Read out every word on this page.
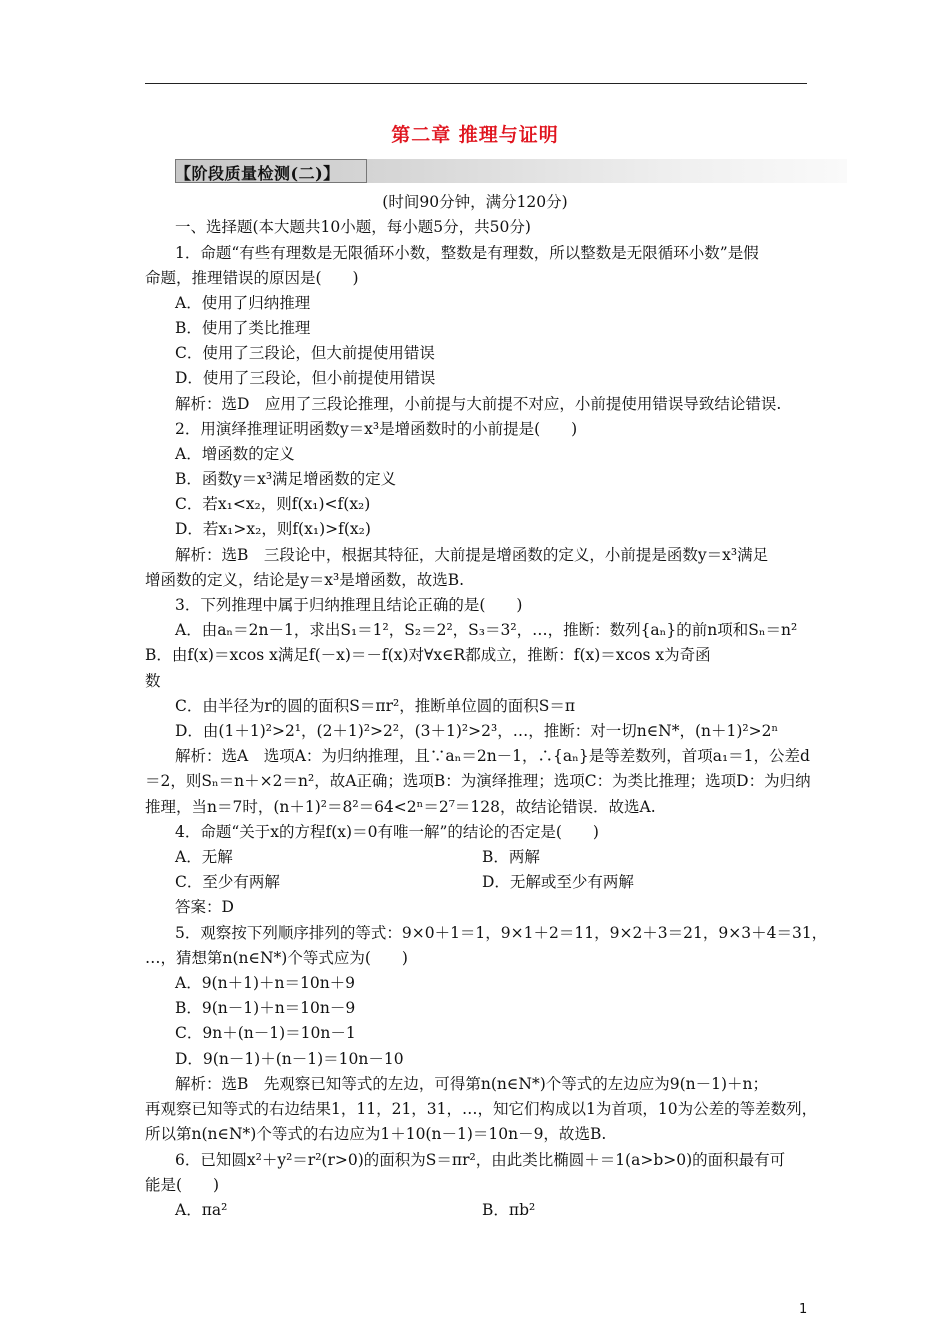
第二章 推理与证明
【阶段质量检测(二)】
(时间90分钟，满分120分)
一、选择题(本大题共10小题，每小题5分，共50分)
1．命题“有些有理数是无限循环小数，整数是有理数，所以整数是无限循环小数”是假
命题，推理错误的原因是(　　)
A．使用了归纳推理
B．使用了类比推理
C．使用了三段论，但大前提使用错误
D．使用了三段论，但小前提使用错误
解析：选D　应用了三段论推理，小前提与大前提不对应，小前提使用错误导致结论错误.
2．用演绎推理证明函数y＝x³是增函数时的小前提是(　　)
A．增函数的定义
B．函数y＝x³满足增函数的定义
C．若x₁<x₂，则f(x₁)<f(x₂)
D．若x₁>x₂，则f(x₁)>f(x₂)
解析：选B　三段论中，根据其特征，大前提是增函数的定义，小前提是函数y＝x³满足
增函数的定义，结论是y＝x³是增函数，故选B.
3．下列推理中属于归纳推理且结论正确的是(　　)
A．由aₙ＝2n－1，求出S₁＝1²，S₂＝2²，S₃＝3²，…，推断：数列{aₙ}的前n项和Sₙ＝n²
B．由f(x)＝xcos x满足f(－x)＝－f(x)对∀x∈R都成立，推断：f(x)＝xcos x为奇函
数
C．由半径为r的圆的面积S＝πr²，推断单位圆的面积S＝π
D．由(1＋1)²>2¹，(2＋1)²>2²，(3＋1)²>2³，…，推断：对一切n∈N*，(n＋1)²>2ⁿ
解析：选A　选项A：为归纳推理，且∵aₙ＝2n－1，∴{aₙ}是等差数列，首项a₁＝1，公差d
＝2，则Sₙ＝n＋×2＝n²，故A正确；选项B：为演绎推理；选项C：为类比推理；选项D：为归纳
推理，当n＝7时，(n＋1)²＝8²＝64<2ⁿ＝2⁷＝128，故结论错误．故选A.
4．命题“关于x的方程f(x)＝0有唯一解”的结论的否定是(　　)
A．无解	B．两解
C．至少有两解	D．无解或至少有两解
答案：D
5．观察按下列顺序排列的等式：9×0＋1＝1，9×1＋2＝11，9×2＋3＝21，9×3＋4＝31，
…，猜想第n(n∈N*)个等式应为(　　)
A．9(n＋1)＋n＝10n＋9
B．9(n－1)＋n＝10n－9
C．9n＋(n－1)＝10n－1
D．9(n－1)＋(n－1)＝10n－10
解析：选B　先观察已知等式的左边，可得第n(n∈N*)个等式的左边应为9(n－1)＋n；
再观察已知等式的右边结果1，11，21，31，…，知它们构成以1为首项，10为公差的等差数列，
所以第n(n∈N*)个等式的右边应为1＋10(n－1)＝10n－9，故选B.
6．已知圆x²＋y²＝r²(r>0)的面积为S＝πr²，由此类比椭圆＋＝1(a>b>0)的面积最有可
能是(　　)
A．πa²	B．πb²
1
